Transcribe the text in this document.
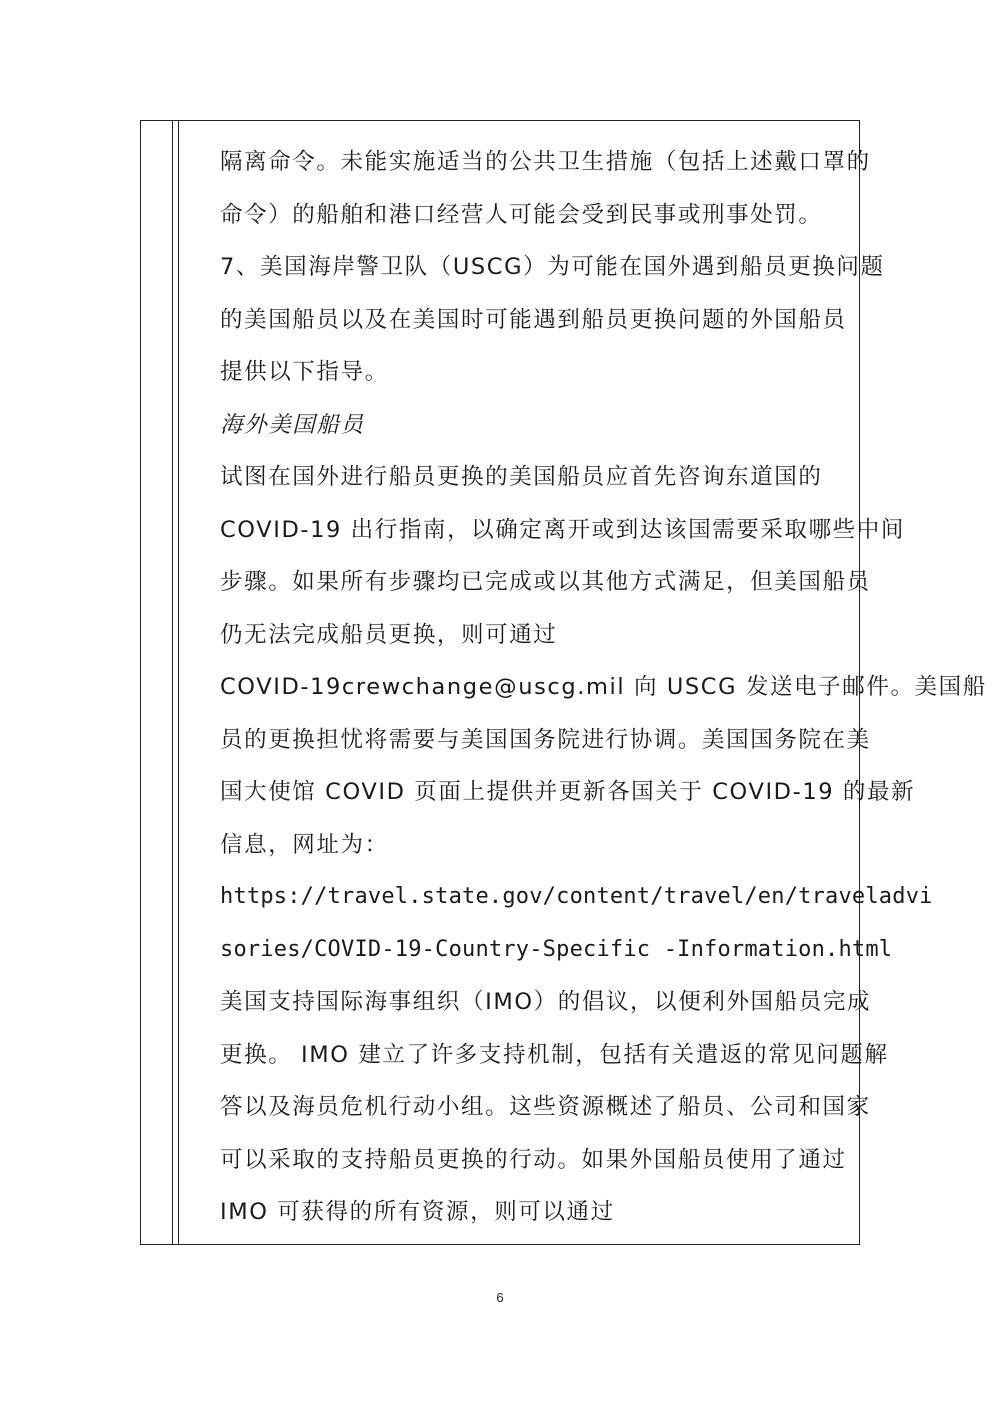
隔离命令。未能实施适当的公共卫生措施（包括上述戴口罩的
命令）的船舶和港口经营人可能会受到民事或刑事处罚。
7、美国海岸警卫队（USCG）为可能在国外遇到船员更换问题
的美国船员以及在美国时可能遇到船员更换问题的外国船员
提供以下指导。
海外美国船员
试图在国外进行船员更换的美国船员应首先咨询东道国的
COVID-19 出行指南，以确定离开或到达该国需要采取哪些中间
步骤。如果所有步骤均已完成或以其他方式满足，但美国船员
仍无法完成船员更换，则可通过
COVID-19crewchange@uscg.mil 向 USCG 发送电子邮件。美国船
员的更换担忧将需要与美国国务院进行协调。美国国务院在美
国大使馆 COVID 页面上提供并更新各国关于 COVID-19 的最新
信息，网址为：
https://travel.state.gov/content/travel/en/traveladvi
sories/COVID-19-Country-Specific -Information.html
美国支持国际海事组织（IMO）的倡议，以便利外国船员完成
更换。 IMO 建立了许多支持机制，包括有关遣返的常见问题解
答以及海员危机行动小组。这些资源概述了船员、公司和国家
可以采取的支持船员更换的行动。如果外国船员使用了通过
IMO 可获得的所有资源，则可以通过
6
